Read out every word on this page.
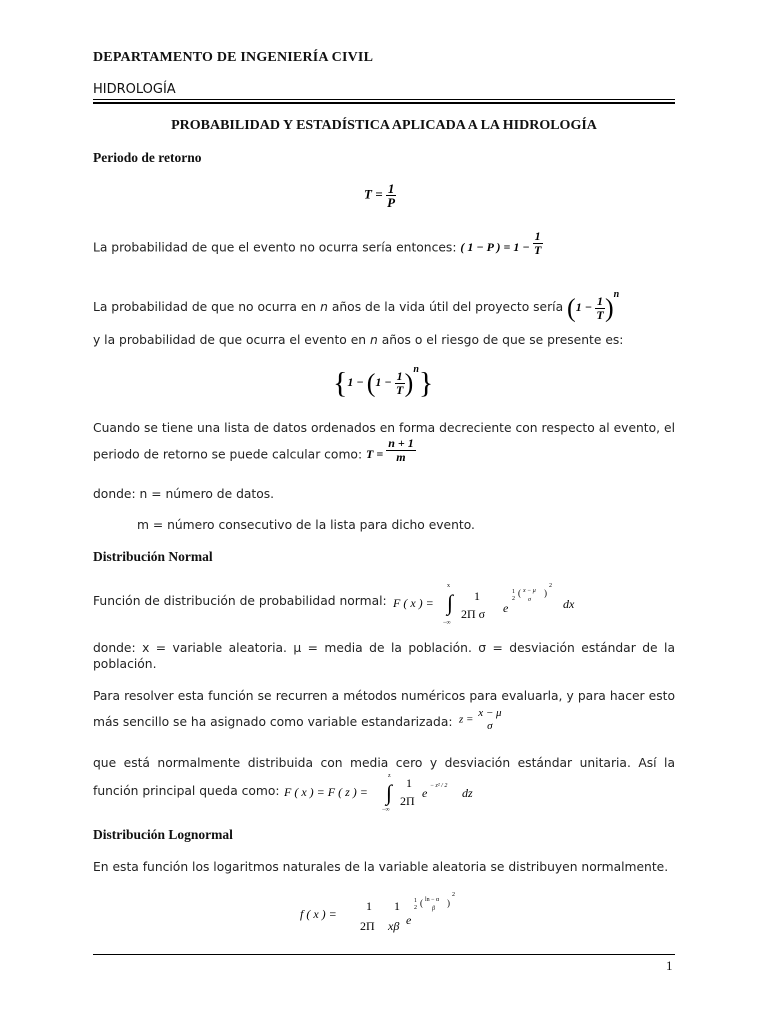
DEPARTAMENTO DE INGENIERÍA CIVIL
HIDROLOGÍA
PROBABILIDAD Y ESTADÍSTICA APLICADA A LA HIDROLOGÍA
Periodo de retorno
$T = \frac{1}{P}$
La probabilidad de que el evento no ocurra sería entonces: ( 1 − P ) = $1 - \frac{1}{T}$
La probabilidad de que no ocurra en n años de la vida útil del proyecto sería $(1 - \frac{1}{T} )^n$
y la probabilidad de que ocurra el evento en n años o el riesgo de que se presente es:
$\{1 - (1 - \frac{1}{T} )^n\}$
Cuando se tiene una lista de datos ordenados en forma decreciente con respecto al evento, el
periodo de retorno se puede calcular como: $T = \frac{n + 1}{m}$
donde: n = número de datos.
m = número consecutivo de la lista para dicho evento.
Distribución Normal
Función de distribución de probabilidad normal: F ( x ) = ∫
x
−∞
1
2Π σ e
1
2
( x − μ
σ
)
2
dx
donde: x = variable aleatoria. μ = media de la población. σ = desviación estándar de la
población.
Para resolver esta función se recurren a métodos numéricos para evaluarla, y para hacer esto
más sencillo se ha asignado como variable estandarizada: z =
x − μ
σ
que está normalmente distribuida con media cero y desviación estándar unitaria. Así la
función principal queda como: F ( x ) = F ( z ) = ∫
z
−∞
1
2Π
e − z² / 2 dz
Distribución Lognormal
En esta función los logaritmos naturales de la variable aleatoria se distribuyen normalmente.
f ( x ) =
1
2Π
1
xβ e
1
2 ( ln − α
β
)
2
1
